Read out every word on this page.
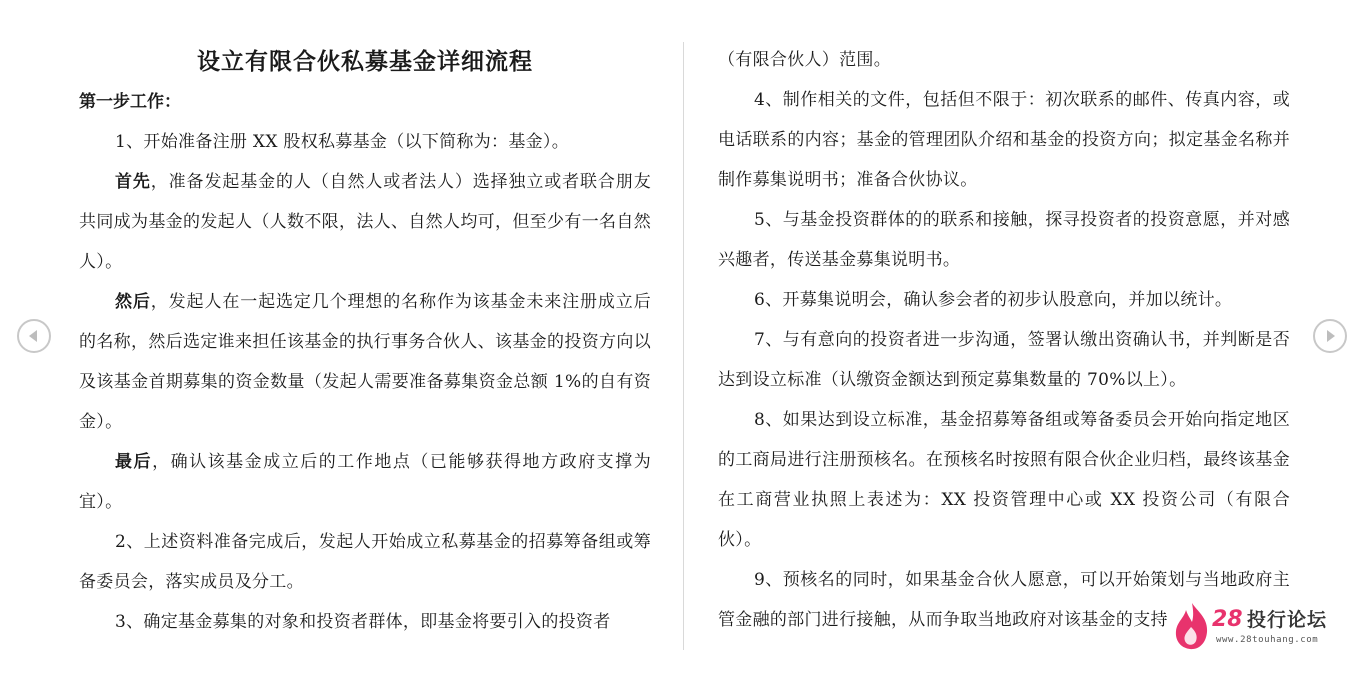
设立有限合伙私募基金详细流程
第一步工作：

1、开始准备注册 XX 股权私募基金（以下简称为：基金）。

首先，准备发起基金的人（自然人或者法人）选择独立或者联合朋友共同成为基金的发起人（人数不限，法人、自然人均可，但至少有一名自然人）。

然后，发起人在一起选定几个理想的名称作为该基金未来注册成立后的名称，然后选定谁来担任该基金的执行事务合伙人、该基金的投资方向以及该基金首期募集的资金数量（发起人需要准备募集资金总额 1%的自有资金）。

最后，确认该基金成立后的工作地点（已能够获得地方政府支撑为宜）。

2、上述资料准备完成后，发起人开始成立私募基金的招募筹备组或筹备委员会，落实成员及分工。

3、确定基金募集的对象和投资者群体，即基金将要引入的投资者

（有限合伙人）范围。

4、制作相关的文件，包括但不限于：初次联系的邮件、传真内容，或电话联系的内容；基金的管理团队介绍和基金的投资方向；拟定基金名称并制作募集说明书；准备合伙协议。

5、与基金投资群体的的联系和接触，探寻投资者的投资意愿，并对感兴趣者，传送基金募集说明书。

6、开募集说明会，确认参会者的初步认股意向，并加以统计。

7、与有意向的投资者进一步沟通，签署认缴出资确认书，并判断是否达到设立标准（认缴资金额达到预定募集数量的 70%以上）。

8、如果达到设立标准，基金招募筹备组或筹备委员会开始向指定地区的工商局进行注册预核名。在预核名时按照有限合伙企业归档，最终该基金在工商营业执照上表述为：XX 投资管理中心或 XX 投资公司（有限合伙）。

9、预核名的同时，如果基金合伙人愿意，可以开始策划与当地政府主管金融的部门进行接触，从而争取当地政府对该基金的支持	28 投行论坛
www.28touhang.com
